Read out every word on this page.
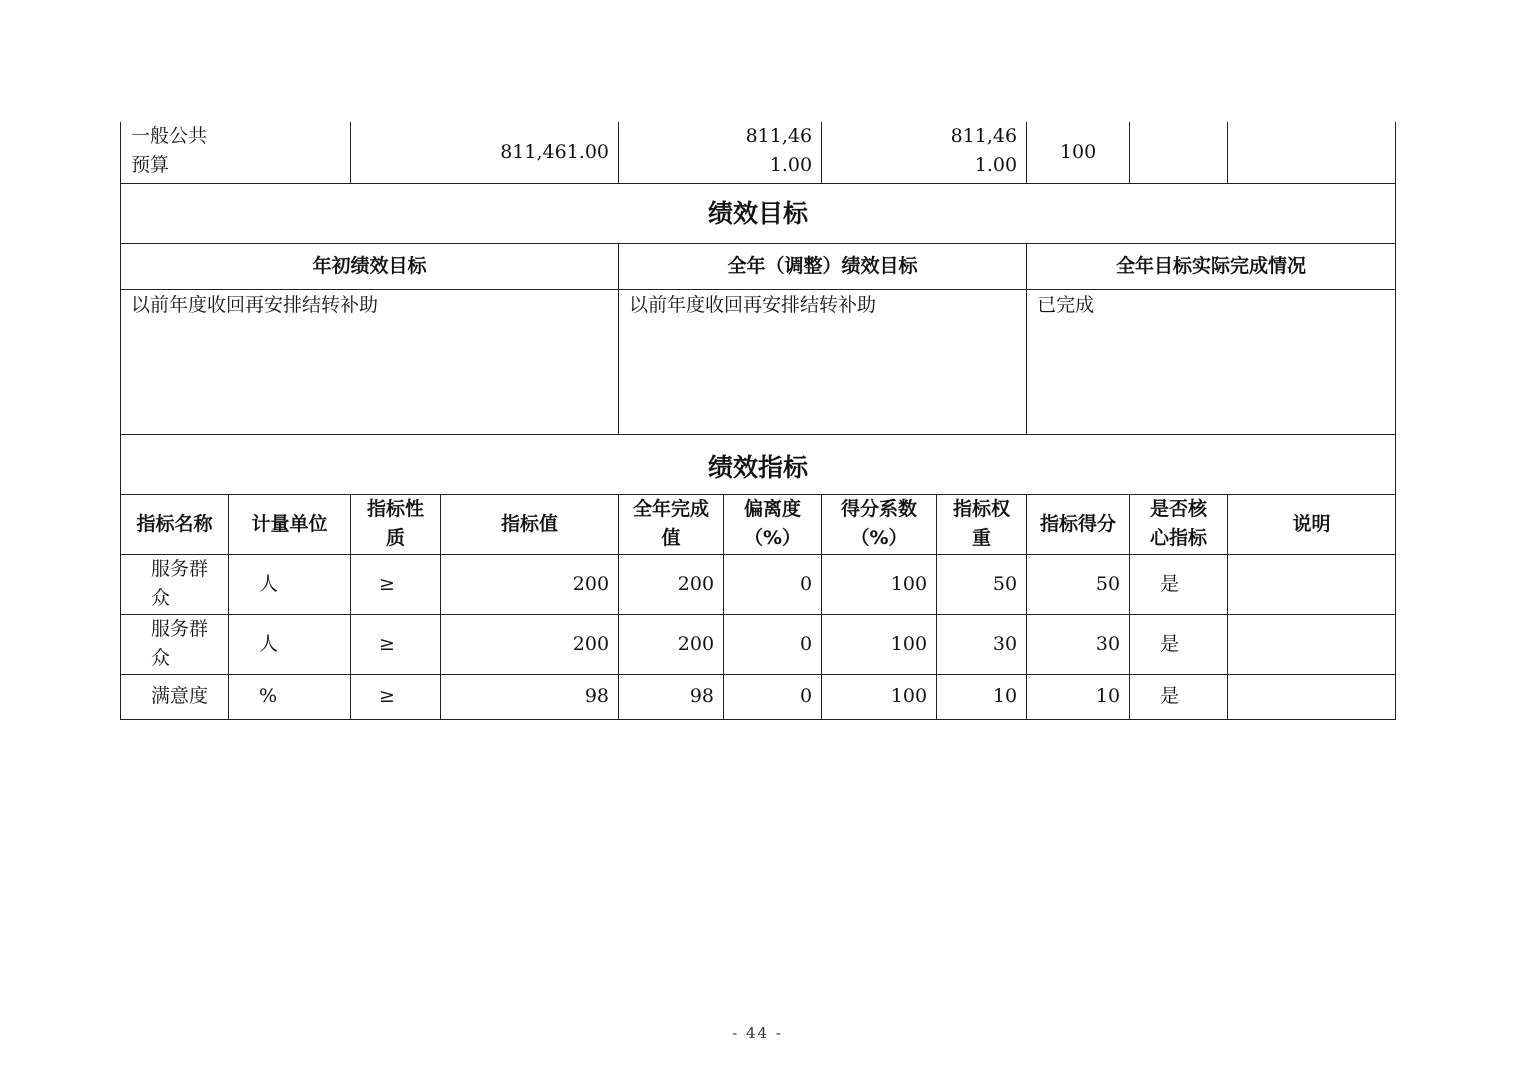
一般公共预算		811,461.00		811,461.00		811,461.00		100		
绩效目标										
年初绩效目标				全年（调整）绩效目标				全年目标实际完成情况		
以前年度收回再安排结转补助				以前年度收回再安排结转补助				已完成		
绩效指标										
指标名称	计量单位	指标性质	指标值	全年完成值	偏离度（%）	得分系数（%）	指标权重	指标得分	是否核心指标	说明
服务群众	人	≥	200	200	0	100	50	50	是	
服务群众	人	≥	200	200	0	100	30	30	是	
满意度	%	≥	98	98	0	100	10	10	是	
- 44 -
